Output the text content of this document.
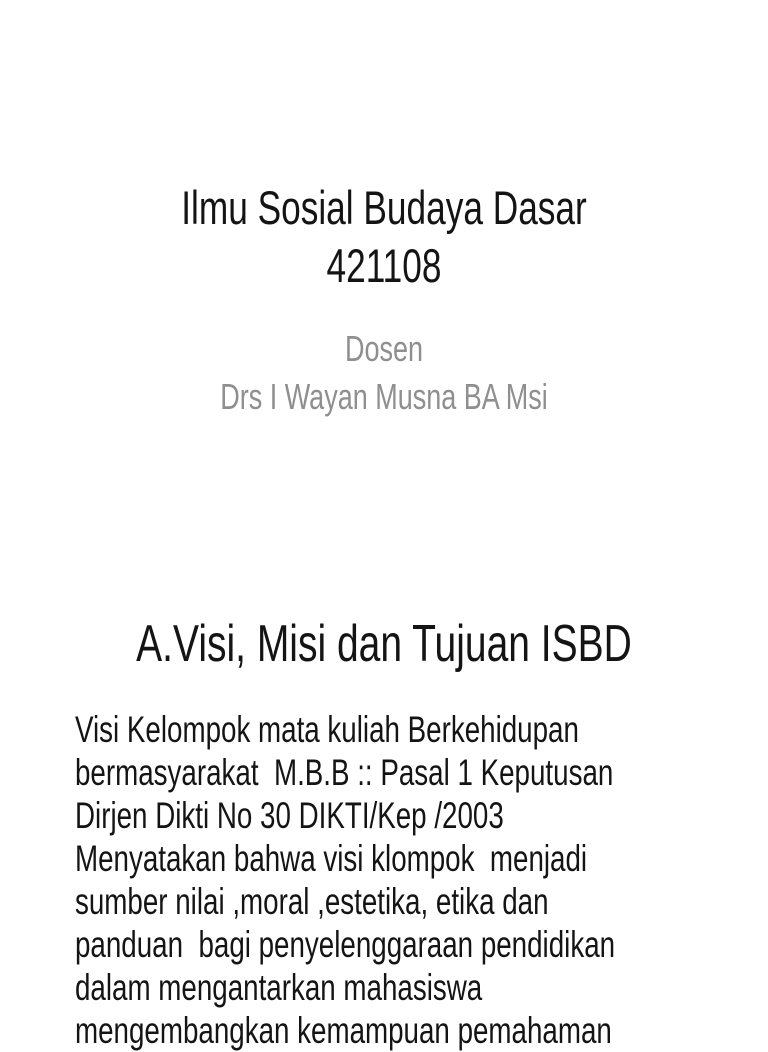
Ilmu Sosial Budaya Dasar
421108
Dosen
Drs I Wayan Musna BA Msi
A.Visi, Misi dan Tujuan ISBD
Visi Kelompok mata kuliah Berkehidupan
bermasyarakat  M.B.B :: Pasal 1 Keputusan
Dirjen Dikti No 30 DIKTI/Kep /2003
Menyatakan bahwa visi klompok  menjadi
sumber nilai ,moral ,estetika, etika dan
panduan  bagi penyelenggaraan pendidikan
dalam mengantarkan mahasiswa
mengembangkan kemampuan pemahaman
